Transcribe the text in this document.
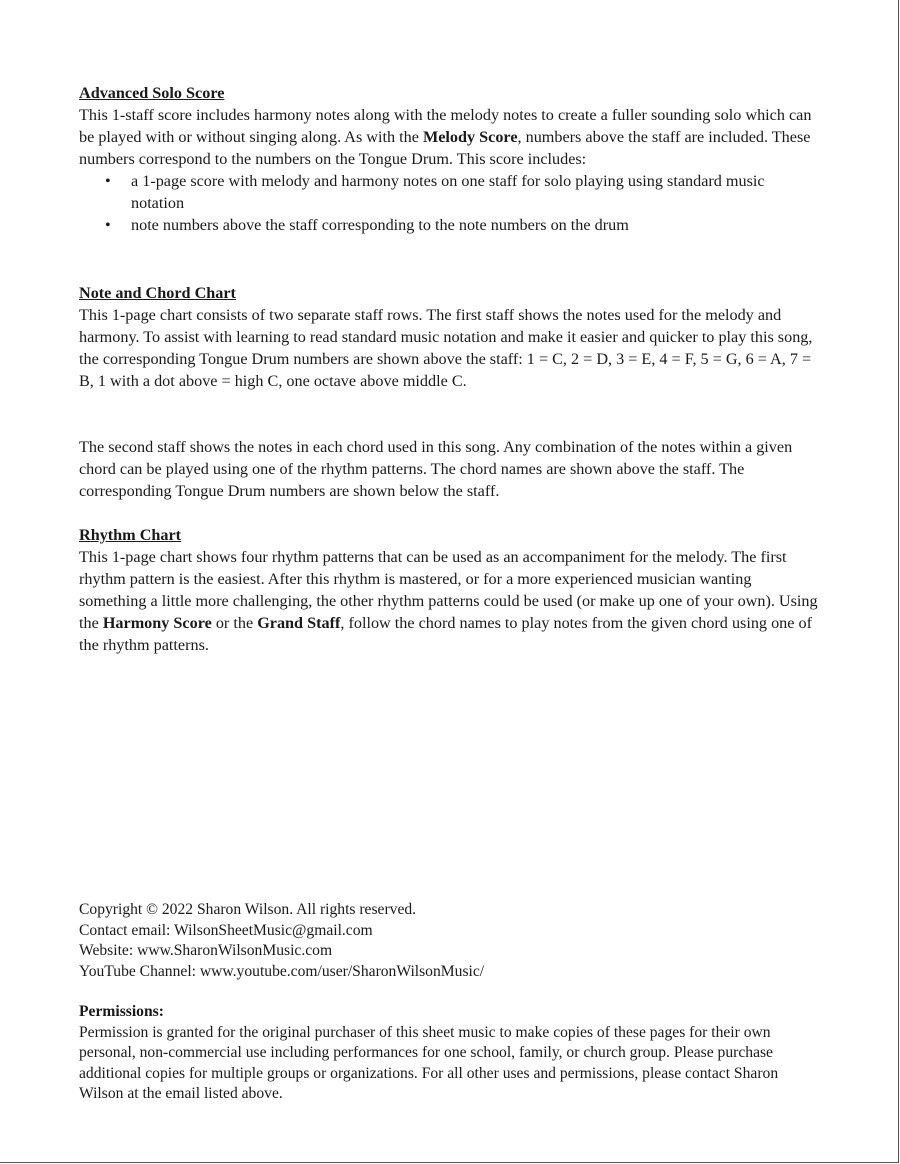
Advanced Solo Score

This 1-staff score includes harmony notes along with the melody notes to create a fuller sounding solo which can be played with or without singing along. As with the Melody Score, numbers above the staff are included. These numbers correspond to the numbers on the Tongue Drum. This score includes:

• a 1-page score with melody and harmony notes on one staff for solo playing using standard music notation
• note numbers above the staff corresponding to the note numbers on the drum
Note and Chord Chart

This 1-page chart consists of two separate staff rows. The first staff shows the notes used for the melody and harmony. To assist with learning to read standard music notation and make it easier and quicker to play this song, the corresponding Tongue Drum numbers are shown above the staff: 1 = C, 2 = D, 3 = E, 4 = F, 5 = G, 6 = A, 7 = B, 1 with a dot above = high C, one octave above middle C.

The second staff shows the notes in each chord used in this song. Any combination of the notes within a given chord can be played using one of the rhythm patterns. The chord names are shown above the staff. The corresponding Tongue Drum numbers are shown below the staff.

Rhythm Chart

This 1-page chart shows four rhythm patterns that can be used as an accompaniment for the melody. The first rhythm pattern is the easiest. After this rhythm is mastered, or for a more experienced musician wanting something a little more challenging, the other rhythm patterns could be used (or make up one of your own). Using the Harmony Score or the Grand Staff, follow the chord names to play notes from the given chord using one of the rhythm patterns.

Copyright © 2022 Sharon Wilson. All rights reserved.
Contact email: WilsonSheetMusic@gmail.com
Website: www.SharonWilsonMusic.com
YouTube Channel: www.youtube.com/user/SharonWilsonMusic/
Permissions:

Permission is granted for the original purchaser of this sheet music to make copies of these pages for their own personal, non-commercial use including performances for one school, family, or church group. Please purchase additional copies for multiple groups or organizations. For all other uses and permissions, please contact Sharon Wilson at the email listed above.
